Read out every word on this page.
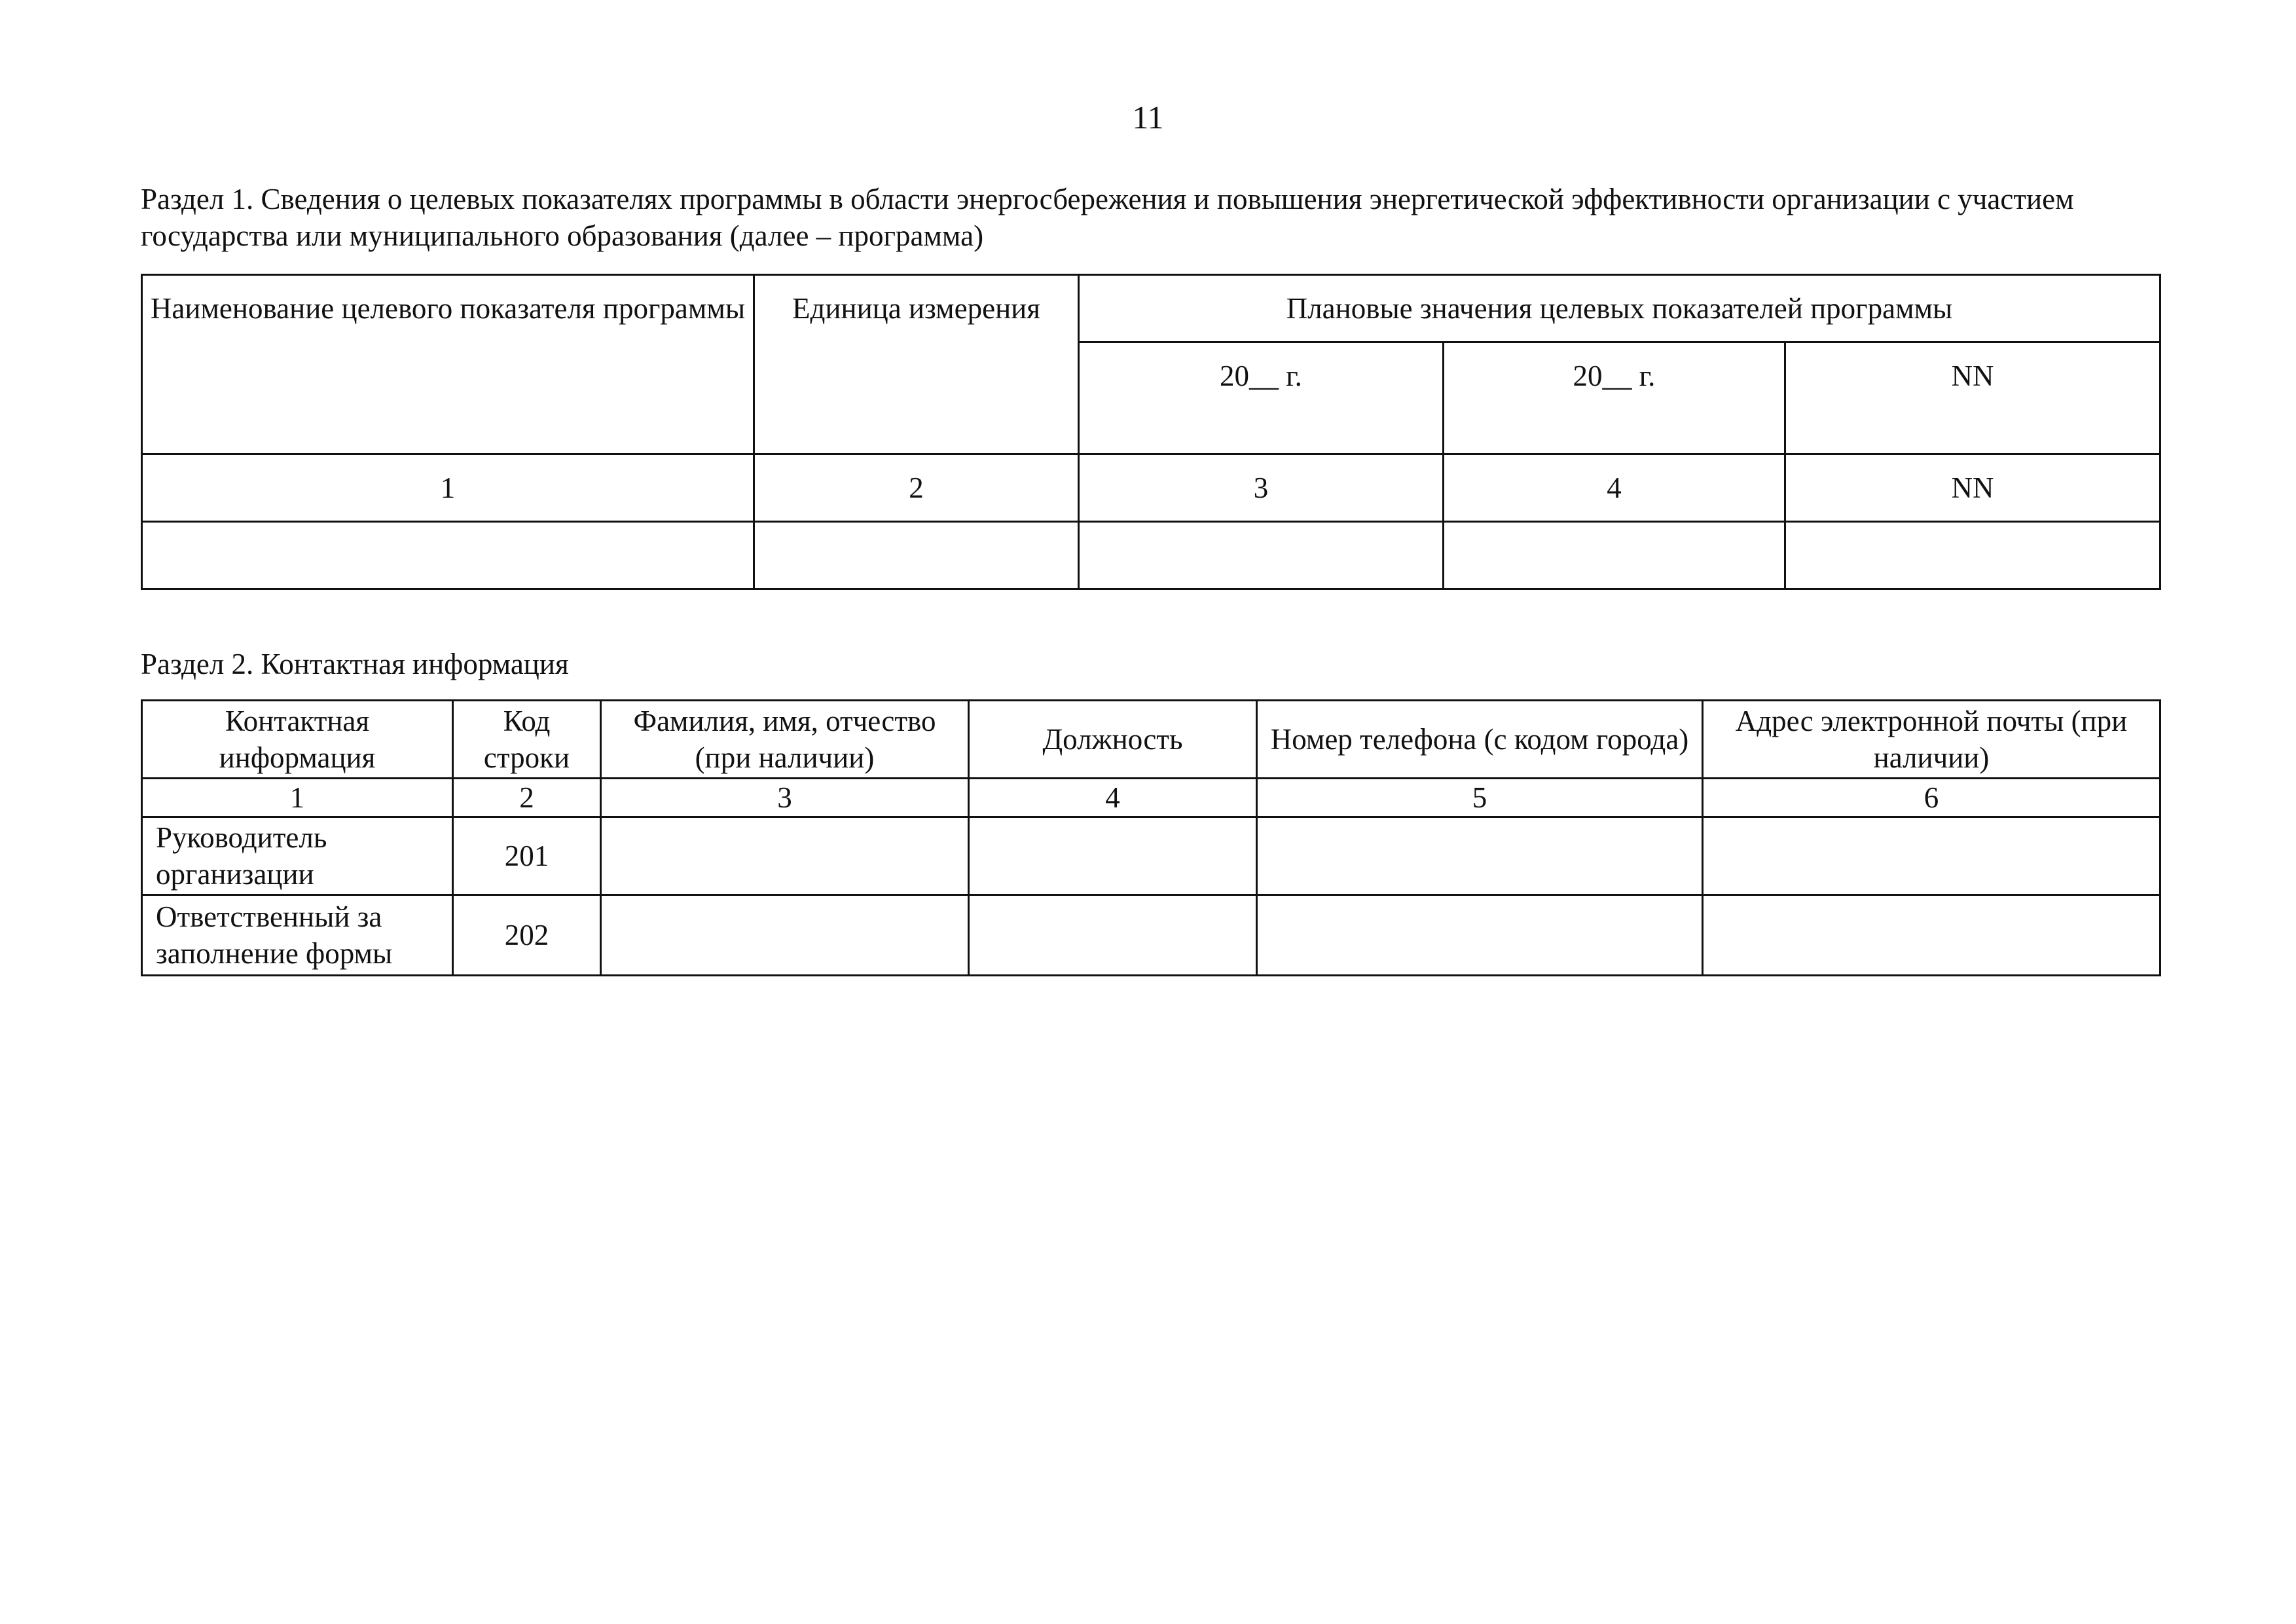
11
Раздел 1. Сведения о целевых показателях программы в области энергосбережения и повышения энергетической эффективности организации с участием государства или муниципального образования (далее – программа)
Наименование целевого показателя программы	Единица измерения	Плановые значения целевых показателей программы		
		20__ г.	20__ г.	NN
1	2	3	4	NN

Раздел 2. Контактная информация
Контактная информация	Код строки	Фамилия, имя, отчество (при наличии)	Должность	Номер телефона (с кодом города)	Адрес электронной почты (при наличии)
1	2	3	4	5	6
Руководитель организации	201				
Ответственный за заполнение формы	202				
